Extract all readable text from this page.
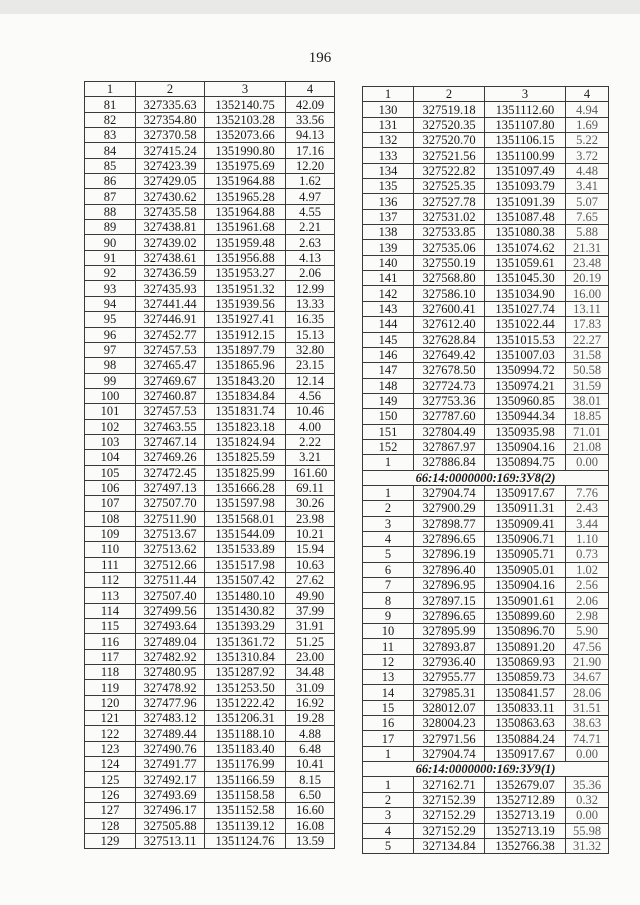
196
1	2	3	4
81	327335.63	1352140.75	42.09
82	327354.80	1352103.28	33.56
83	327370.58	1352073.66	94.13
84	327415.24	1351990.80	17.16
85	327423.39	1351975.69	12.20
86	327429.05	1351964.88	1.62
87	327430.62	1351965.28	4.97
88	327435.58	1351964.88	4.55
89	327438.81	1351961.68	2.21
90	327439.02	1351959.48	2.63
91	327438.61	1351956.88	4.13
92	327436.59	1351953.27	2.06
93	327435.93	1351951.32	12.99
94	327441.44	1351939.56	13.33
95	327446.91	1351927.41	16.35
96	327452.77	1351912.15	15.13
97	327457.53	1351897.79	32.80
98	327465.47	1351865.96	23.15
99	327469.67	1351843.20	12.14
100	327460.87	1351834.84	4.56
101	327457.53	1351831.74	10.46
102	327463.55	1351823.18	4.00
103	327467.14	1351824.94	2.22
104	327469.26	1351825.59	3.21
105	327472.45	1351825.99	161.60
106	327497.13	1351666.28	69.11
107	327507.70	1351597.98	30.26
108	327511.90	1351568.01	23.98
109	327513.67	1351544.09	10.21
110	327513.62	1351533.89	15.94
111	327512.66	1351517.98	10.63
112	327511.44	1351507.42	27.62
113	327507.40	1351480.10	49.90
114	327499.56	1351430.82	37.99
115	327493.64	1351393.29	31.91
116	327489.04	1351361.72	51.25
117	327482.92	1351310.84	23.00
118	327480.95	1351287.92	34.48
119	327478.92	1351253.50	31.09
120	327477.96	1351222.42	16.92
121	327483.12	1351206.31	19.28
122	327489.44	1351188.10	4.88
123	327490.76	1351183.40	6.48
124	327491.77	1351176.99	10.41
125	327492.17	1351166.59	8.15
126	327493.69	1351158.58	6.50
127	327496.17	1351152.58	16.60
128	327505.88	1351139.12	16.08
129	327513.11	1351124.76	13.59
1	2	3	4
130	327519.18	1351112.60	4.94
131	327520.35	1351107.80	1.69
132	327520.70	1351106.15	5.22
133	327521.56	1351100.99	3.72
134	327522.82	1351097.49	4.48
135	327525.35	1351093.79	3.41
136	327527.78	1351091.39	5.07
137	327531.02	1351087.48	7.65
138	327533.85	1351080.38	5.88
139	327535.06	1351074.62	21.31
140	327550.19	1351059.61	23.48
141	327568.80	1351045.30	20.19
142	327586.10	1351034.90	16.00
143	327600.41	1351027.74	13.11
144	327612.40	1351022.44	17.83
145	327628.84	1351015.53	22.27
146	327649.42	1351007.03	31.58
147	327678.50	1350994.72	50.58
148	327724.73	1350974.21	31.59
149	327753.36	1350960.85	38.01
150	327787.60	1350944.34	18.85
151	327804.49	1350935.98	71.01
152	327867.97	1350904.16	21.08
1	327886.84	1350894.75	0.00
66:14:0000000:169:ЗУ8(2)			
1	327904.74	1350917.67	7.76
2	327900.29	1350911.31	2.43
3	327898.77	1350909.41	3.44
4	327896.65	1350906.71	1.10
5	327896.19	1350905.71	0.73
6	327896.40	1350905.01	1.02
7	327896.95	1350904.16	2.56
8	327897.15	1350901.61	2.06
9	327896.65	1350899.60	2.98
10	327895.99	1350896.70	5.90
11	327893.87	1350891.20	47.56
12	327936.40	1350869.93	21.90
13	327955.77	1350859.73	34.67
14	327985.31	1350841.57	28.06
15	328012.07	1350833.11	31.51
16	328004.23	1350863.63	38.63
17	327971.56	1350884.24	74.71
1	327904.74	1350917.67	0.00
66:14:0000000:169:ЗУ9(1)			
1	327162.71	1352679.07	35.36
2	327152.39	1352712.89	0.32
3	327152.29	1352713.19	0.00
4	327152.29	1352713.19	55.98
5	327134.84	1352766.38	31.32
